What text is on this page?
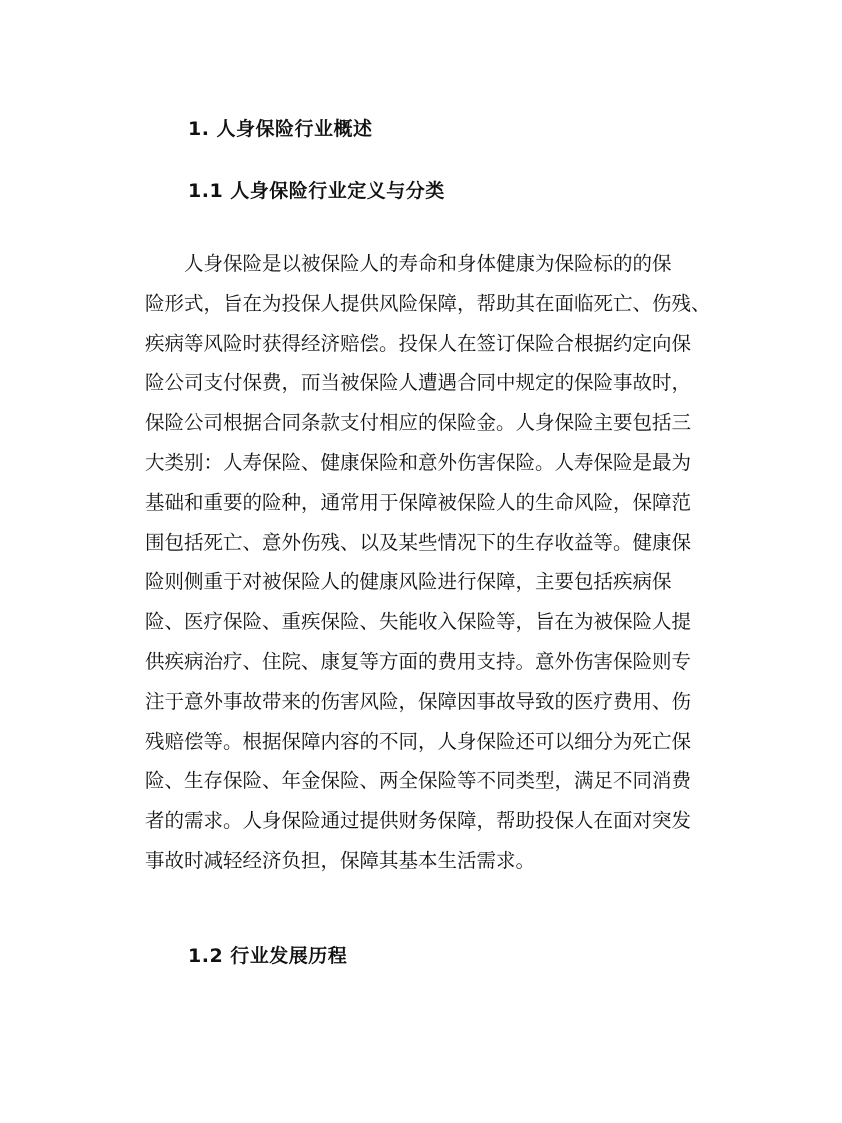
1. 人身保险行业概述
1.1 人身保险行业定义与分类
人身保险是以被保险人的寿命和身体健康为保险标的的保
险形式，旨在为投保人提供风险保障，帮助其在面临死亡、伤残、
疾病等风险时获得经济赔偿。投保人在签订保险合根据约定向保
险公司支付保费，而当被保险人遭遇合同中规定的保险事故时，
保险公司根据合同条款支付相应的保险金。人身保险主要包括三
大类别：人寿保险、健康保险和意外伤害保险。人寿保险是最为
基础和重要的险种，通常用于保障被保险人的生命风险，保障范
围包括死亡、意外伤残、以及某些情况下的生存收益等。健康保
险则侧重于对被保险人的健康风险进行保障，主要包括疾病保
险、医疗保险、重疾保险、失能收入保险等，旨在为被保险人提
供疾病治疗、住院、康复等方面的费用支持。意外伤害保险则专
注于意外事故带来的伤害风险，保障因事故导致的医疗费用、伤
残赔偿等。根据保障内容的不同，人身保险还可以细分为死亡保
险、生存保险、年金保险、两全保险等不同类型，满足不同消费
者的需求。人身保险通过提供财务保障，帮助投保人在面对突发
事故时减轻经济负担，保障其基本生活需求。
1.2 行业发展历程
